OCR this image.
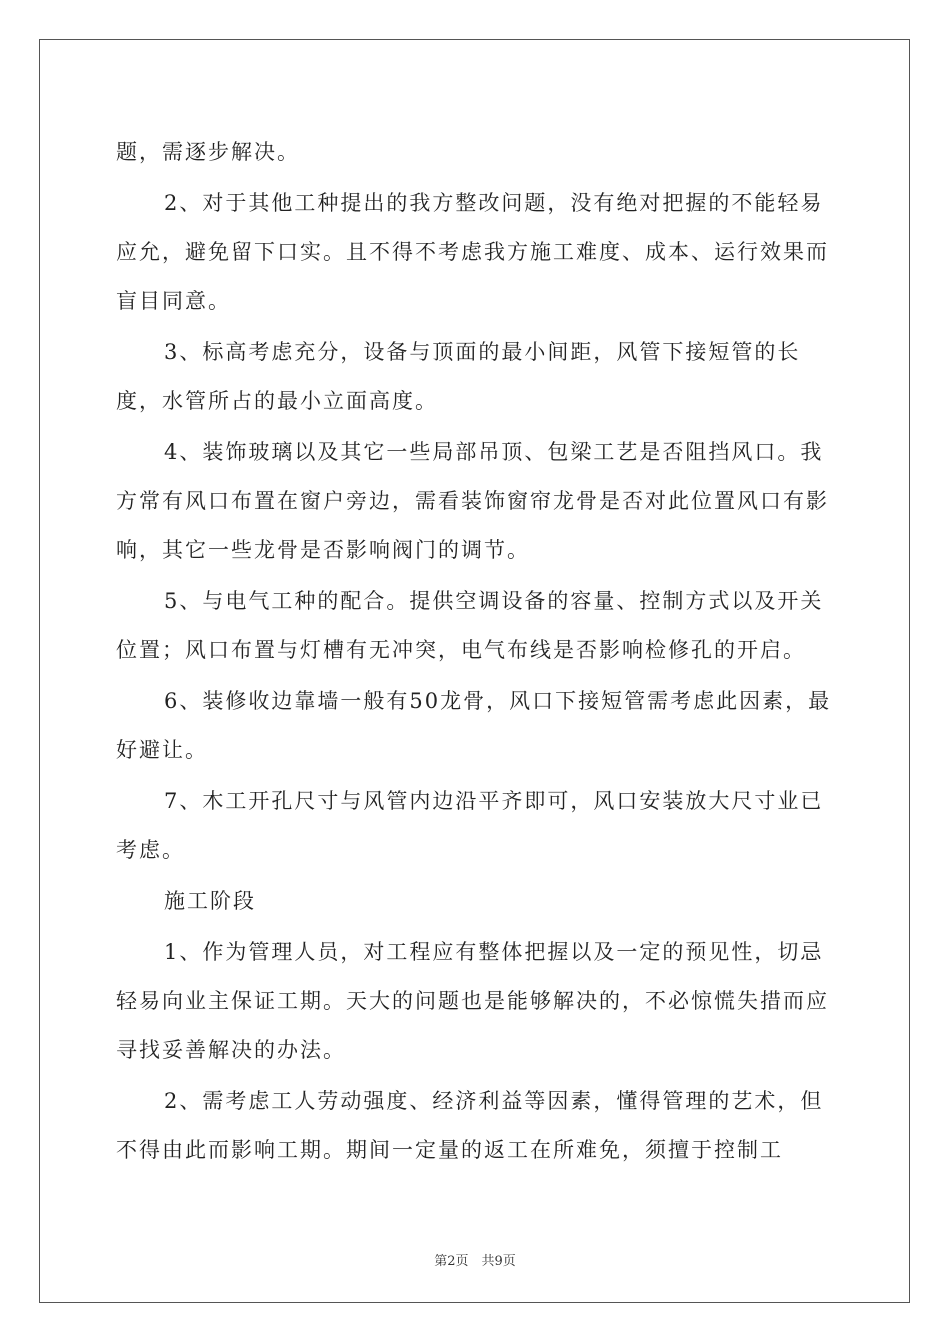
题，需逐步解决。

2、对于其他工种提出的我方整改问题，没有绝对把握的不能轻易应允，避免留下口实。且不得不考虑我方施工难度、成本、运行效果而盲目同意。

3、标高考虑充分，设备与顶面的最小间距，风管下接短管的长度，水管所占的最小立面高度。

4、装饰玻璃以及其它一些局部吊顶、包梁工艺是否阻挡风口。我方常有风口布置在窗户旁边，需看装饰窗帘龙骨是否对此位置风口有影响，其它一些龙骨是否影响阀门的调节。

5、与电气工种的配合。提供空调设备的容量、控制方式以及开关位置；风口布置与灯槽有无冲突，电气布线是否影响检修孔的开启。

6、装修收边靠墙一般有50龙骨，风口下接短管需考虑此因素，最好避让。

7、木工开孔尺寸与风管内边沿平齐即可，风口安装放大尺寸业已考虑。

施工阶段

1、作为管理人员，对工程应有整体把握以及一定的预见性，切忌轻易向业主保证工期。天大的问题也是能够解决的，不必惊慌失措而应寻找妥善解决的办法。

2、需考虑工人劳动强度、经济利益等因素，懂得管理的艺术，但不得由此而影响工期。期间一定量的返工在所难免，须擅于控制工

第2页　共9页
